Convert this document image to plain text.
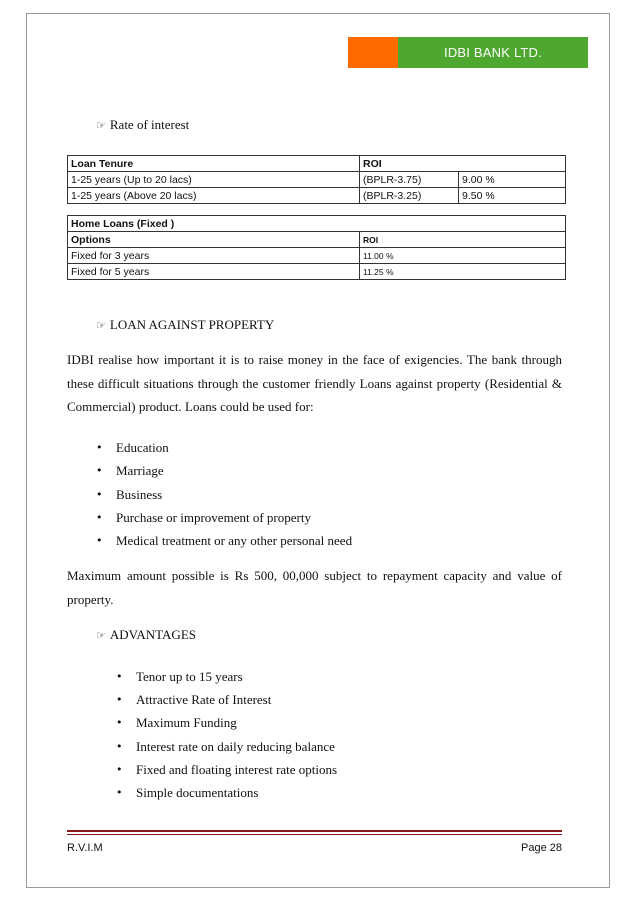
IDBI BANK LTD.
☞ Rate of interest
Loan Tenure	ROI	
1-25 years (Up to 20 lacs)	(BPLR-3.75)	9.00 %
1-25 years (Above 20 lacs)	(BPLR-3.25)	9.50 %
Home Loans (Fixed )	
Options	ROI
Fixed for 3 years	11.00 %
Fixed for 5 years	11.25 %
☞ LOAN AGAINST PROPERTY
IDBI realise how important it is to raise money in the face of exigencies. The bank through these difficult situations through the customer friendly Loans against property (Residential & Commercial) product. Loans could be used for:
• Education
• Marriage
• Business
• Purchase or improvement of property
• Medical treatment or any other personal need
Maximum amount possible is Rs 500, 00,000 subject to repayment capacity and value of property.
☞ ADVANTAGES
• Tenor up to 15 years
• Attractive Rate of Interest
• Maximum Funding
• Interest rate on daily reducing balance
• Fixed and floating interest rate options
• Simple documentations
R.V.I.M	Page 28
